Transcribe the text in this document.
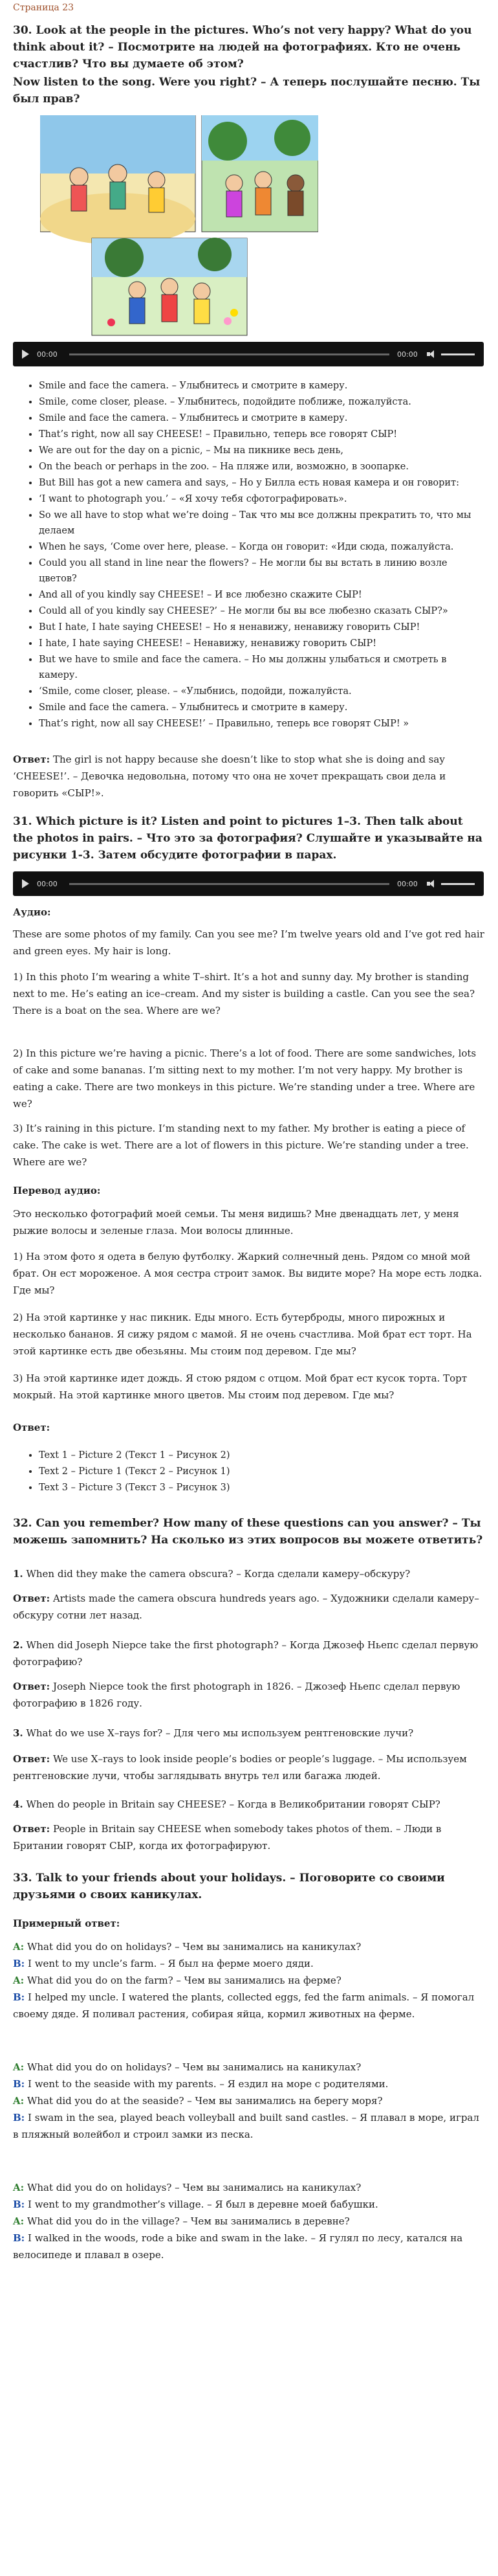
Страница 23

30. Look at the people in the pictures. Who’s not very happy? What do you think about it? – Посмотрите на людей на фотографиях. Кто не очень счастлив? Что вы думаете об этом?

Now listen to the song. Were you right? – А теперь послушайте песню. Ты был прав?

00:00	00:00
• Smile and face the camera. – Улыбнитесь и смотрите в камеру.
• Smile, come closer, please. – Улыбнитесь, подойдите поближе, пожалуйста.
• Smile and face the camera. – Улыбнитесь и смотрите в камеру.
• That’s right, now all say CHEESE! – Правильно, теперь все говорят СЫР!
• We are out for the day on a picnic, – Мы на пикнике весь день,
• On the beach or perhaps in the zoo. – На пляже или, возможно, в зоопарке.
• But Bill has got a new camera and says, – Но у Билла есть новая камера и он говорит:
• ‘I want to photograph you.’ – «Я хочу тебя сфотографировать».
• So we all have to stop what we’re doing – Так что мы все должны прекратить то, что мы делаем
• When he says, ‘Come over here, please. – Когда он говорит: «Иди сюда, пожалуйста.
• Could you all stand in line near the flowers? – Не могли бы вы встать в линию возле цветов?
• And all of you kindly say CHEESE! – И все любезно скажите СЫР!
• Could all of you kindly say CHEESE?’ – Не могли бы вы все любезно сказать СЫР?»
• But I hate, I hate saying CHEESE! – Но я ненавижу, ненавижу говорить СЫР!
• I hate, I hate saying CHEESE! – Ненавижу, ненавижу говорить СЫР!
• But we have to smile and face the camera. – Но мы должны улыбаться и смотреть в камеру.
• ‘Smile, come closer, please. – «Улыбнись, подойди, пожалуйста.
• Smile and face the camera. – Улыбнитесь и смотрите в камеру.
• That’s right, now all say CHEESE!’ – Правильно, теперь все говорят СЫР! »

Ответ: The girl is not happy because she doesn’t like to stop what she is doing and say ‘CHEESE!’. – Девочка недовольна, потому что она не хочет прекращать свои дела и говорить «СЫР!».

31. Which picture is it? Listen and point to pictures 1–3. Then talk about the photos in pairs. – Что это за фотография? Слушайте и указывайте на рисунки 1-3. Затем обсудите фотографии в парах.

00:00	00:00

Аудио:

These are some photos of my family. Can you see me? I’m twelve years old and I’ve got red hair and green eyes. My hair is long.

1) In this photo I’m wearing a white T–shirt. It’s a hot and sunny day. My brother is standing next to me. He’s eating an ice–cream. And my sister is building a castle. Can you see the sea? There is a boat on the sea. Where are we?

2) In this picture we’re having a picnic. There’s a lot of food. There are some sandwiches, lots of cake and some bananas. I’m sitting next to my mother. I’m not very happy. My brother is eating a cake. There are two monkeys in this picture. We’re standing under a tree. Where are we?

3) It’s raining in this picture. I’m standing next to my father. My brother is eating a piece of cake. The cake is wet. There are a lot of flowers in this picture. We’re standing under a tree. Where are we?

Перевод аудио:

Это несколько фотографий моей семьи. Ты меня видишь? Мне двенадцать лет, у меня рыжие волосы и зеленые глаза. Мои волосы длинные.

1) На этом фото я одета в белую футболку. Жаркий солнечный день. Рядом со мной мой брат. Он ест мороженое. А моя сестра строит замок. Вы видите море? На море есть лодка. Где мы?

2) На этой картинке у нас пикник. Еды много. Есть бутерброды, много пирожных и несколько бананов. Я сижу рядом с мамой. Я не очень счастлива. Мой брат ест торт. На этой картинке есть две обезьяны. Мы стоим под деревом. Где мы?

3) На этой картинке идет дождь. Я стою рядом с отцом. Мой брат ест кусок торта. Торт мокрый. На этой картинке много цветов. Мы стоим под деревом. Где мы?

Ответ:

• Text 1 – Picture 2 (Текст 1 – Рисунок 2)
• Text 2 – Picture 1 (Текст 2 – Рисунок 1)
• Text 3 – Picture 3 (Текст 3 – Рисунок 3)

32. Can you remember? How many of these questions can you answer? – Ты можешь запомнить? На сколько из этих вопросов вы можете ответить?

1. When did they make the camera obscura? – Когда сделали камеру–обскуру?

Ответ: Artists made the camera obscura hundreds years ago. – Художники сделали камеру–обскуру сотни лет назад.

2. When did Joseph Niepce take the first photograph? – Когда Джозеф Ньепс сделал первую фотографию?

Ответ: Joseph Niepce took the first photograph in 1826. – Джозеф Ньепс сделал первую фотографию в 1826 году.

3. What do we use X–rays for? – Для чего мы используем рентгеновские лучи?

Ответ: We use X–rays to look inside people’s bodies or people’s luggage. – Мы используем рентгеновские лучи, чтобы заглядывать внутрь тел или багажа людей.

4. When do people in Britain say CHEESE? – Когда в Великобритании говорят СЫР?

Ответ: People in Britain say CHEESE when somebody takes photos of them. – Люди в Британии говорят СЫР, когда их фотографируют.

33. Talk to your friends about your holidays. – Поговорите со своими друзьями о своих каникулах.

Примерный ответ:

A: What did you do on holidays? – Чем вы занимались на каникулах?
B: I went to my uncle’s farm. – Я был на ферме моего дяди.
A: What did you do on the farm? – Чем вы занимались на ферме?
B: I helped my uncle. I watered the plants, collected eggs, fed the farm animals. – Я помогал своему дяде. Я поливал растения, собирая яйца, кормил животных на ферме.
A: What did you do on holidays? – Чем вы занимались на каникулах?
B: I went to the seaside with my parents. – Я ездил на море с родителями.
A: What did you do at the seaside? – Чем вы занимались на берегу моря?
B: I swam in the sea, played beach volleyball and built sand castles. – Я плавал в море, играл в пляжный волейбол и строил замки из песка.
A: What did you do on holidays? – Чем вы занимались на каникулах?
B: I went to my grandmother’s village. – Я был в деревне моей бабушки.
A: What did you do in the village? – Чем вы занимались в деревне?
B: I walked in the woods, rode a bike and swam in the lake. – Я гулял по лесу, катался на велосипеде и плавал в озере.
